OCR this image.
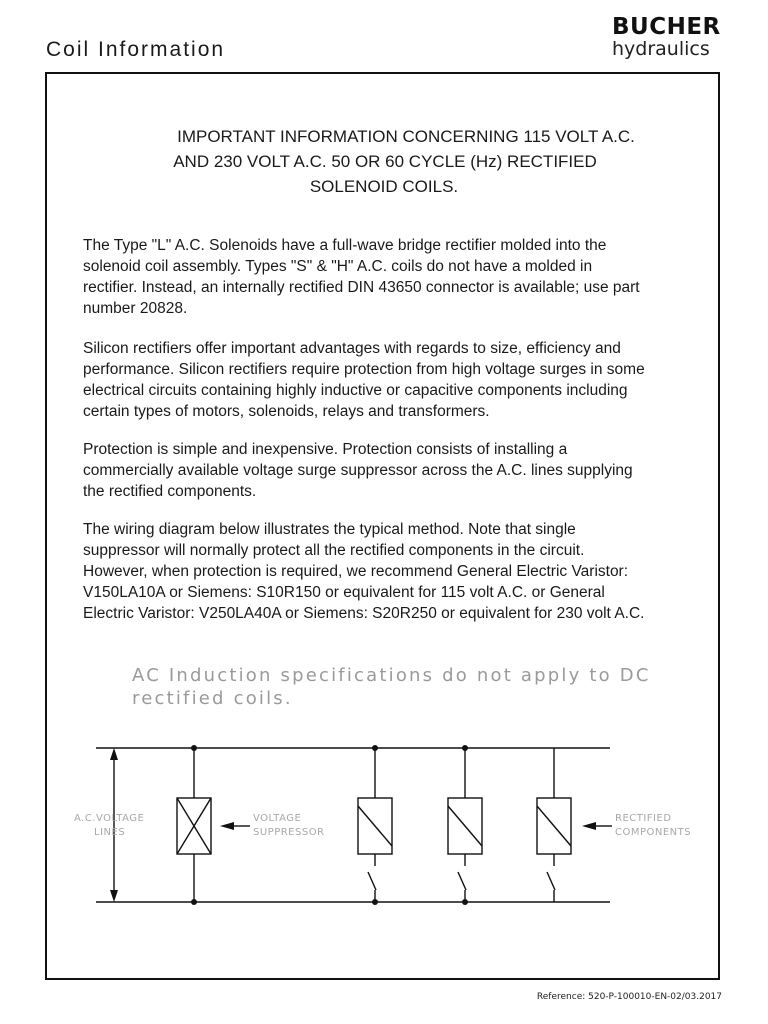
Coil Information
BUCHER
hydraulics
IMPORTANT INFORMATION CONCERNING 115 VOLT A.C.
AND 230 VOLT A.C. 50 OR 60 CYCLE (Hz) RECTIFIED
SOLENOID COILS.
The Type "L" A.C. Solenoids have a full-wave bridge rectifier molded into the
solenoid coil assembly. Types "S" & "H" A.C. coils do not have a molded in
rectifier. Instead, an internally rectified DIN 43650 connector is available; use part
number 20828.
Silicon rectifiers offer important advantages with regards to size, efficiency and
performance. Silicon rectifiers require protection from high voltage surges in some
electrical circuits containing highly inductive or capacitive components including
certain types of motors, solenoids, relays and transformers.
Protection is simple and inexpensive. Protection consists of installing a
commercially available voltage surge suppressor across the A.C. lines supplying
the rectified components.
The wiring diagram below illustrates the typical method. Note that single
suppressor will normally protect all the rectified components in the circuit.
However, when protection is required, we recommend General Electric Varistor:
V150LA10A or Siemens: S10R150 or equivalent for 115 volt A.C. or General
Electric Varistor: V250LA40A or Siemens: S20R250 or equivalent for 230 volt A.C.
AC Induction specifications do not apply to DC
rectified coils.
A.C.VOLTAGE
LINES
VOLTAGE
SUPPRESSOR
RECTIFIED
COMPONENTS
Reference: 520-P-100010-EN-02/03.2017
